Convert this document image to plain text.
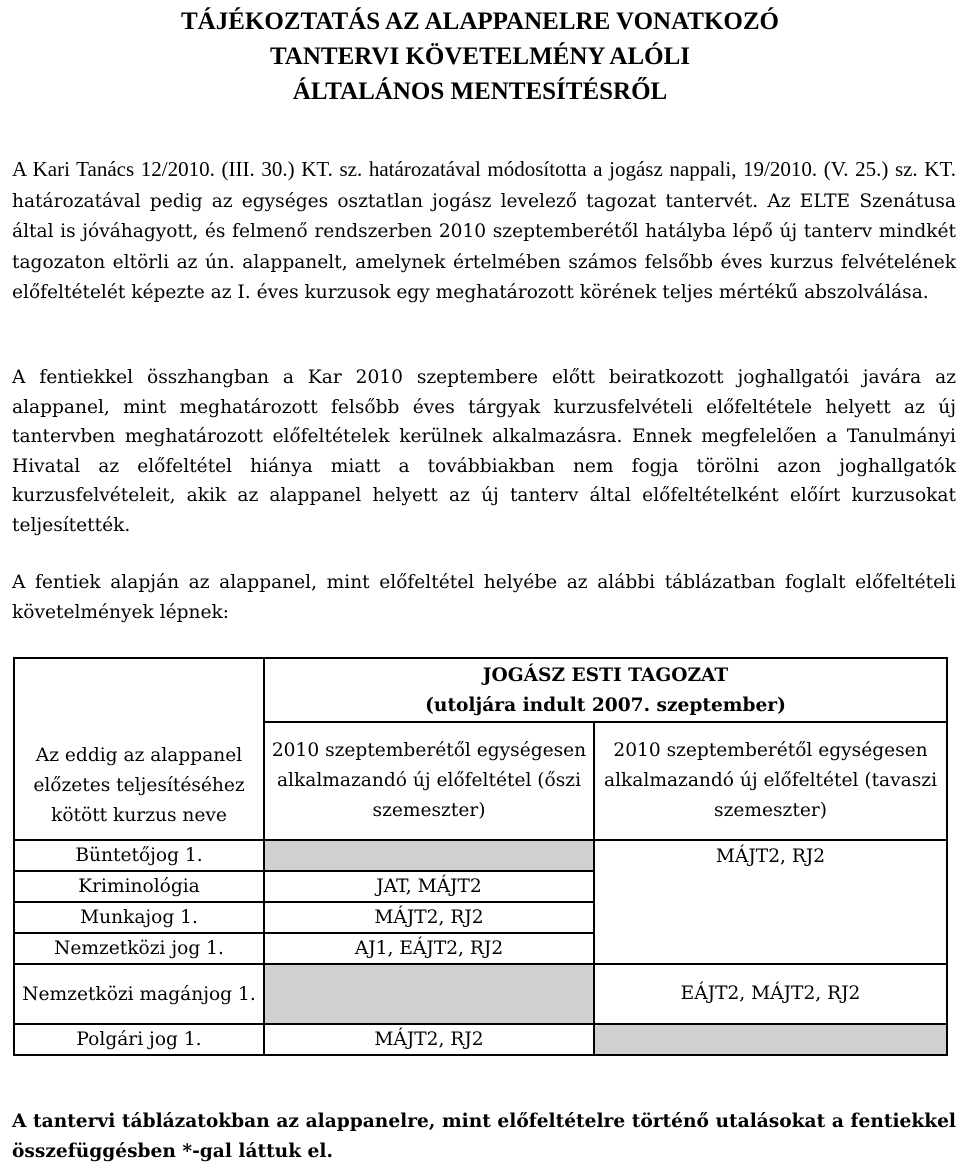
TÁJÉKOZTATÁS AZ ALAPPANELRE VONATKOZÓ
TANTERVI KÖVETELMÉNY ALÓLI
ÁLTALÁNOS MENTESÍTÉSRŐL
A Kari Tanács 12/2010. (III. 30.) KT. sz. határozatával módosította a jogász nappali, 19/2010. (V. 25.) sz. KT. határozatával pedig az egységes osztatlan jogász levelező tagozat tantervét. Az ELTE Szenátusa által is jóváhagyott, és felmenő rendszerben 2010 szeptemberétől hatályba lépő új tanterv mindkét tagozaton eltörli az ún. alappanelt, amelynek értelmében számos felsőbb éves kurzus felvételének előfeltételét képezte az I. éves kurzusok egy meghatározott körének teljes mértékű abszolválása.
A fentiekkel összhangban a Kar 2010 szeptembere előtt beiratkozott joghallgatói javára az alappanel, mint meghatározott felsőbb éves tárgyak kurzusfelvételi előfeltétele helyett az új tantervben meghatározott előfeltételek kerülnek alkalmazásra. Ennek megfelelően a Tanulmányi Hivatal az előfeltétel hiánya miatt a továbbiakban nem fogja törölni azon joghallgatók kurzusfelvételeit, akik az alappanel helyett az új tanterv által előfeltételként előírt kurzusokat teljesítették.
A fentiek alapján az alappanel, mint előfeltétel helyébe az alábbi táblázatban foglalt előfeltételi követelmények lépnek:
Az eddig az alappanel előzetes teljesítéséhez kötött kurzus neve	JOGÁSZ ESTI TAGOZAT
(utoljára indult 2007. szeptember)	

	2010 szeptemberétől egységesen alkalmazandó új előfeltétel (őszi szemeszter)	2010 szeptemberétől egységesen alkalmazandó új előfeltétel (tavaszi szemeszter)
Büntetőjog 1.		MÁJT2, RJ2
Kriminológia	JAT, MÁJT2	
Munkajog 1.	MÁJT2, RJ2	
Nemzetközi jog 1.	AJ1, EÁJT2, RJ2	
Nemzetközi magánjog 1.		EÁJT2, MÁJT2, RJ2
Polgári jog 1.	MÁJT2, RJ2	
A tantervi táblázatokban az alappanelre, mint előfeltételre történő utalásokat a fentiekkel összefüggésben *-gal láttuk el.
